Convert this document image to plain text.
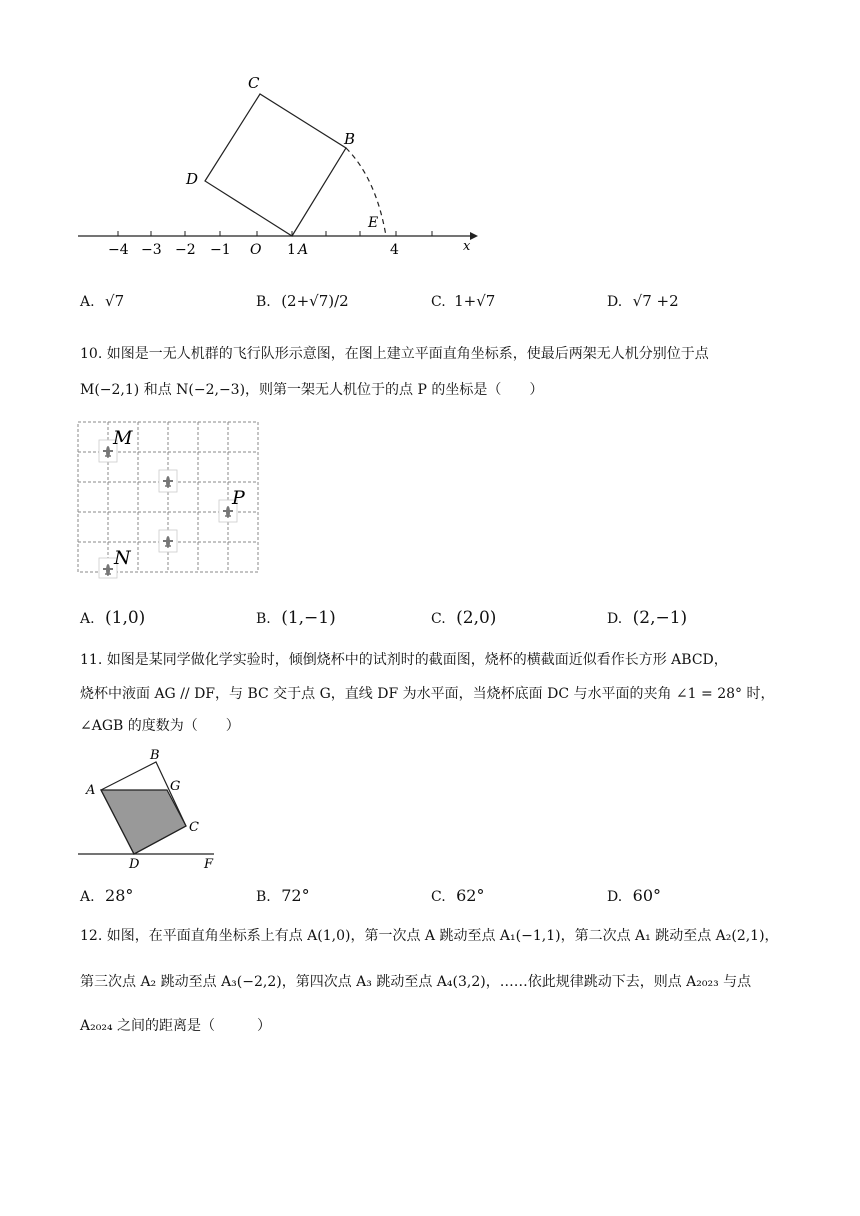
−4 −3 −2 −1 O 1 A	4	x
C
B
D
E
A. √7	B. (2+√7)/2	C. 1+√7	D. √7 +2
10. 如图是一无人机群的飞行队形示意图，在图上建立平面直角坐标系，使最后两架无人机分别位于点
M(−2,1) 和点 N(−2,−3)，则第一架无人机位于的点 P 的坐标是（　　）
M
P
N
A. (1,0)	B. (1,−1)	C. (2,0)	D. (2,−1)
11. 如图是某同学做化学实验时，倾倒烧杯中的试剂时的截面图，烧杯的横截面近似看作长方形 ABCD，
烧杯中液面 AG // DF，与 BC 交于点 G，直线 DF 为水平面，当烧杯底面 DC 与水平面的夹角 ∠1 = 28° 时，
∠AGB 的度数为（　　）
B
A	G
C
D	F
A. 28°	B. 72°	C. 62°	D. 60°
12. 如图，在平面直角坐标系上有点 A(1,0)，第一次点 A 跳动至点 A₁(−1,1)，第二次点 A₁ 跳动至点 A₂(2,1)，
第三次点 A₂ 跳动至点 A₃(−2,2)，第四次点 A₃ 跳动至点 A₄(3,2)，……依此规律跳动下去，则点 A₂₀₂₃ 与点
A₂₀₂₄ 之间的距离是（　　　）
